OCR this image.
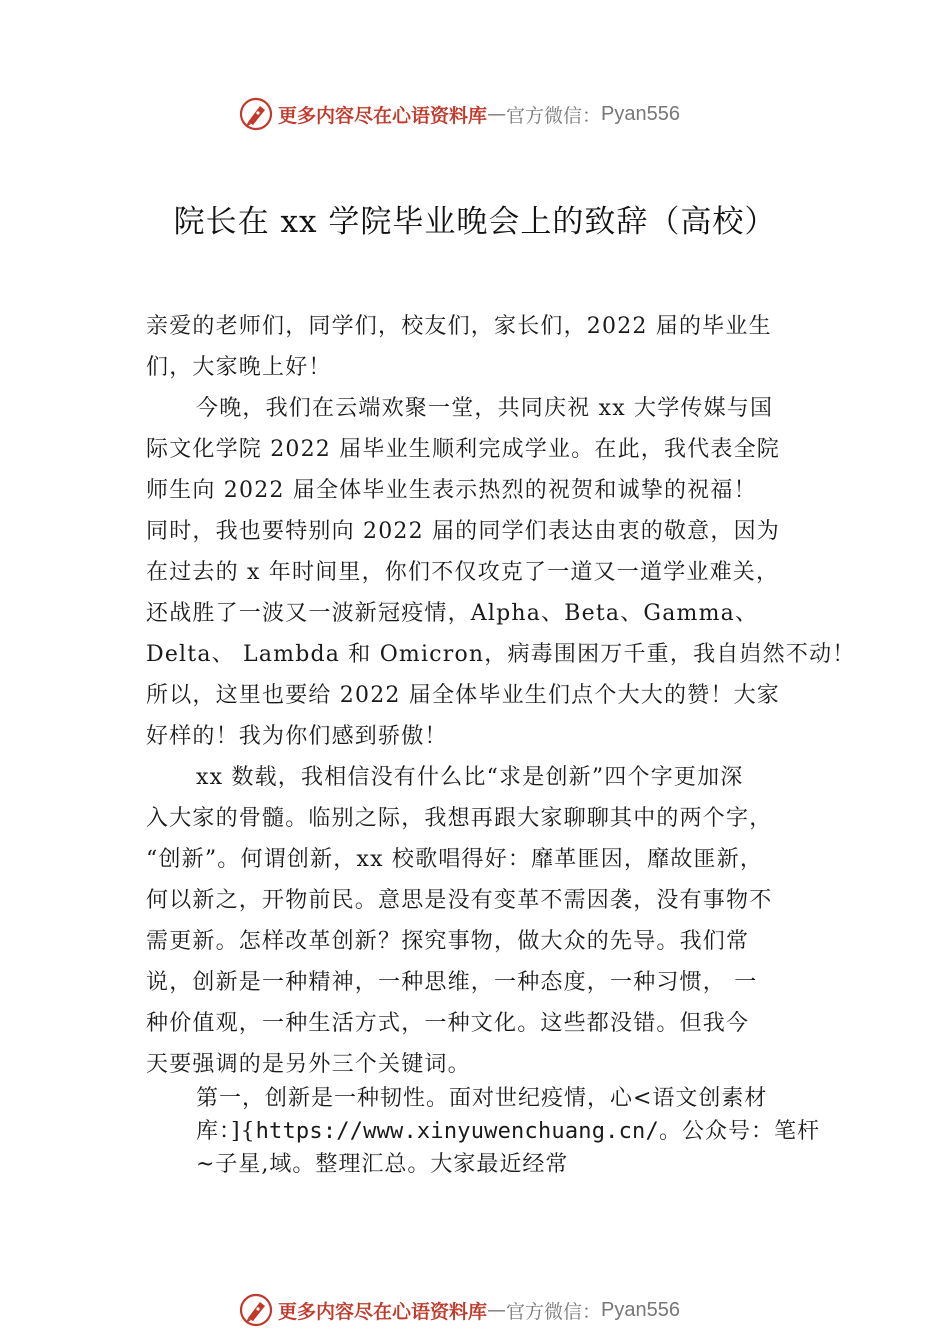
更多内容尽在心语资料库 — 官方微信： Pyan556
院长在 xx 学院毕业晚会上的致辞（高校）
亲爱的老师们，同学们，校友们，家长们，2022 届的毕业生
们，大家晚上好！
今晚，我们在云端欢聚一堂，共同庆祝 xx 大学传媒与国
际文化学院 2022 届毕业生顺利完成学业。在此，我代表全院
师生向 2022 届全体毕业生表示热烈的祝贺和诚挚的祝福！
同时，我也要特别向 2022 届的同学们表达由衷的敬意，因为
在过去的 x 年时间里，你们不仅攻克了一道又一道学业难关，
还战胜了一波又一波新冠疫情，Alpha、Beta、Gamma、
Delta、 Lambda 和 Omicron，病毒围困万千重，我自岿然不动！
所以，这里也要给 2022 届全体毕业生们点个大大的赞！大家
好样的！我为你们感到骄傲！
xx 数载，我相信没有什么比“求是创新”四个字更加深
入大家的骨髓。临别之际，我想再跟大家聊聊其中的两个字，
“创新”。何谓创新，xx 校歌唱得好：靡革匪因，靡故匪新，
何以新之，开物前民。意思是没有变革不需因袭，没有事物不
需更新。怎样改革创新？探究事物，做大众的先导。我们常
说，创新是一种精神，一种思维，一种态度，一种习惯， 一
种价值观，一种生活方式，一种文化。这些都没错。但我今
天要强调的是另外三个关键词。
第一，创新是一种韧性。面对世纪疫情，心<语文创素材
库：]{https://www.xinyuwenchuang.cn/。公众号：笔杆
~子星,域。整理汇总。大家最近经常
更多内容尽在心语资料库 — 官方微信： Pyan556
